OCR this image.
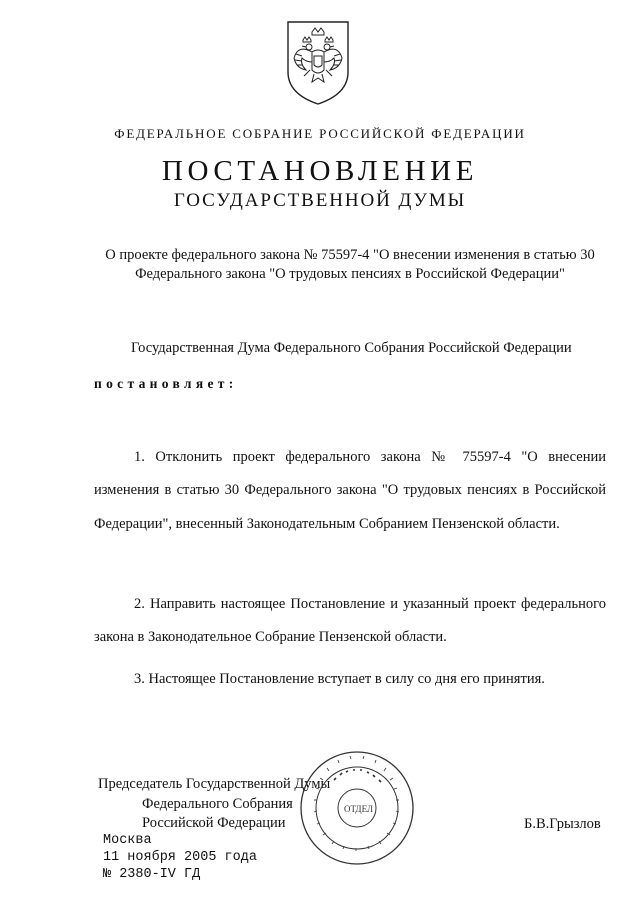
ФЕДЕРАЛЬНОЕ СОБРАНИЕ РОССИЙСКОЙ ФЕДЕРАЦИИ
ПОСТАНОВЛЕНИЕ
ГОСУДАРСТВЕННОЙ ДУМЫ
О проекте федерального закона № 75597-4 "О внесении изменения в статью 30 Федерального закона "О трудовых пенсиях в Российской Федерации"
Государственная Дума Федерального Собрания Российской Федерации
постановляет:
1. Отклонить проект федерального закона № 75597-4 "О внесении изменения в статью 30 Федерального закона "О трудовых пенсиях в Российской Федерации", внесенный Законодательным Собранием Пензенской области.
2. Направить настоящее Постановление и указанный проект федерального закона в Законодательное Собрание Пензенской области.
3. Настоящее Постановление вступает в силу со дня его принятия.
Председатель Государственной Думы
Федерального Собрания
Российской Федерации	Б.В.Грызлов
ОТДЕЛ
Москва
11 ноября 2005 года
№ 2380-IV ГД
